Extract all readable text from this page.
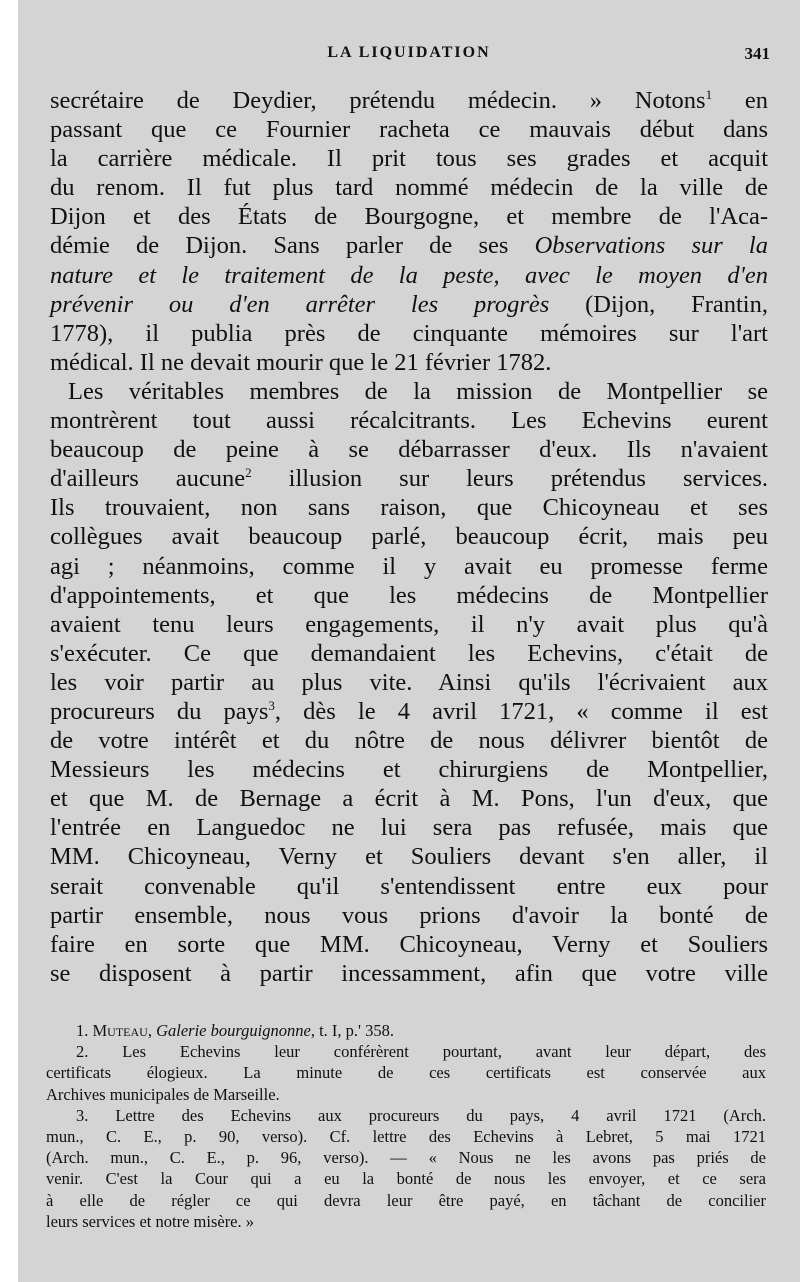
LA LIQUIDATION	341
secrétaire de Deydier, prétendu médecin. » Notons$^1$ en
passant que ce Fournier racheta ce mauvais début dans
la carrière médicale. Il prit tous ses grades et acquit
du renom. Il fut plus tard nommé médecin de la ville de
Dijon et des États de Bourgogne, et membre de l'Aca-
démie de Dijon. Sans parler de ses Observations sur la
nature et le traitement de la peste, avec le moyen d'en
prévenir ou d'en arrêter les progrès (Dijon, Frantin,
1778), il publia près de cinquante mémoires sur l'art
médical. Il ne devait mourir que le 21 février 1782.
Les véritables membres de la mission de Montpellier se
montrèrent tout aussi récalcitrants. Les Echevins eurent
beaucoup de peine à se débarrasser d'eux. Ils n'avaient
d'ailleurs aucune$^2$ illusion sur leurs prétendus services.
Ils trouvaient, non sans raison, que Chicoyneau et ses
collègues avait beaucoup parlé, beaucoup écrit, mais peu
agi ; néanmoins, comme il y avait eu promesse ferme
d'appointements, et que les médecins de Montpellier
avaient tenu leurs engagements, il n'y avait plus qu'à
s'exécuter. Ce que demandaient les Echevins, c'était de
les voir partir au plus vite. Ainsi qu'ils l'écrivaient aux
procureurs du pays$^3$, dès le 4 avril 1721, « comme il est
de votre intérêt et du nôtre de nous délivrer bientôt de
Messieurs les médecins et chirurgiens de Montpellier,
et que M. de Bernage a écrit à M. Pons, l'un d'eux, que
l'entrée en Languedoc ne lui sera pas refusée, mais que
MM. Chicoyneau, Verny et Souliers devant s'en aller, il
serait convenable qu'il s'entendissent entre eux pour
partir ensemble, nous vous prions d'avoir la bonté de
faire en sorte que MM. Chicoyneau, Verny et Souliers
se disposent à partir incessamment, afin que votre ville
1. Muteau, Galerie bourguignonne, t. I, p.' 358.
2. Les Echevins leur conférèrent pourtant, avant leur départ, des
certificats élogieux. La minute de ces certificats est conservée aux
Archives municipales de Marseille.
3. Lettre des Echevins aux procureurs du pays, 4 avril 1721 (Arch.
mun., C. E., p. 90, verso). Cf. lettre des Echevins à Lebret, 5 mai 1721
(Arch. mun., C. E., p. 96, verso). — « Nous ne les avons pas priés de
venir. C'est la Cour qui a eu la bonté de nous les envoyer, et ce sera
à elle de régler ce qui devra leur être payé, en tâchant de concilier
leurs services et notre misère. »
